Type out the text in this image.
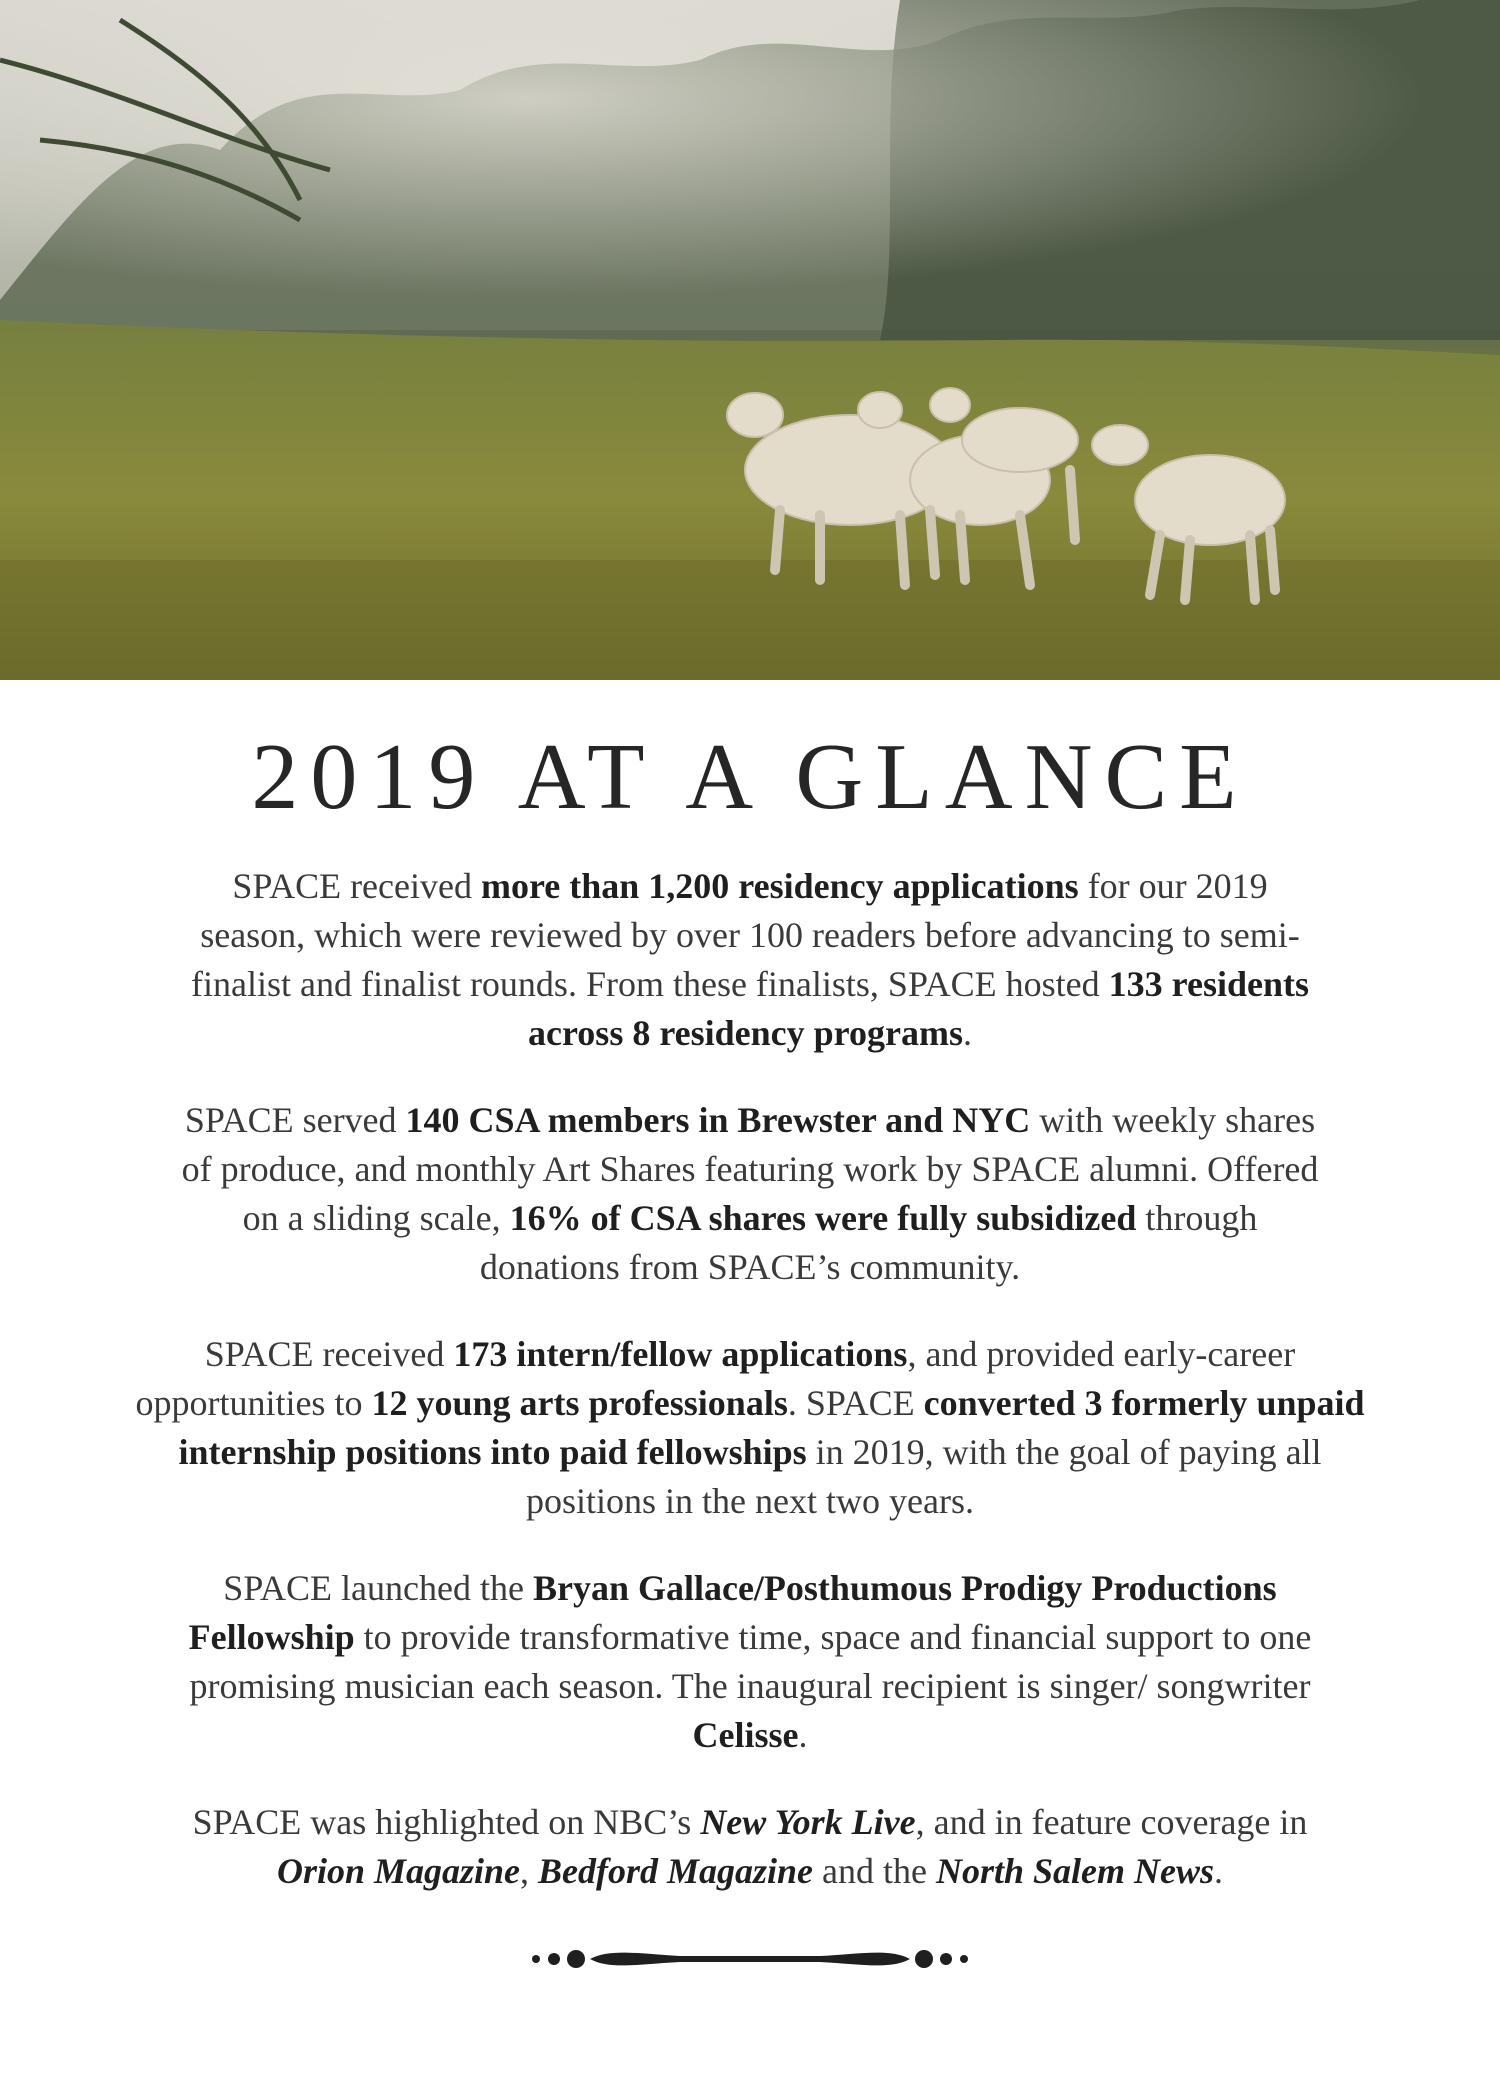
2019 AT A GLANCE

SPACE received more than 1,200 residency applications for our 2019 season, which were reviewed by over 100 readers before advancing to semi-finalist and finalist rounds. From these finalists, SPACE hosted 133 residents across 8 residency programs.

SPACE served 140 CSA members in Brewster and NYC with weekly shares of produce, and monthly Art Shares featuring work by SPACE alumni. Offered on a sliding scale, 16% of CSA shares were fully subsidized through donations from SPACE’s community.

SPACE received 173 intern/fellow applications, and provided early-career opportunities to 12 young arts professionals. SPACE converted 3 formerly unpaid internship positions into paid fellowships in 2019, with the goal of paying all positions in the next two years.

SPACE launched the Bryan Gallace/Posthumous Prodigy Productions Fellowship to provide transformative time, space and financial support to one promising musician each season. The inaugural recipient is singer/ songwriter Celisse.

SPACE was highlighted on NBC’s New York Live, and in feature coverage in Orion Magazine, Bedford Magazine and the North Salem News.
